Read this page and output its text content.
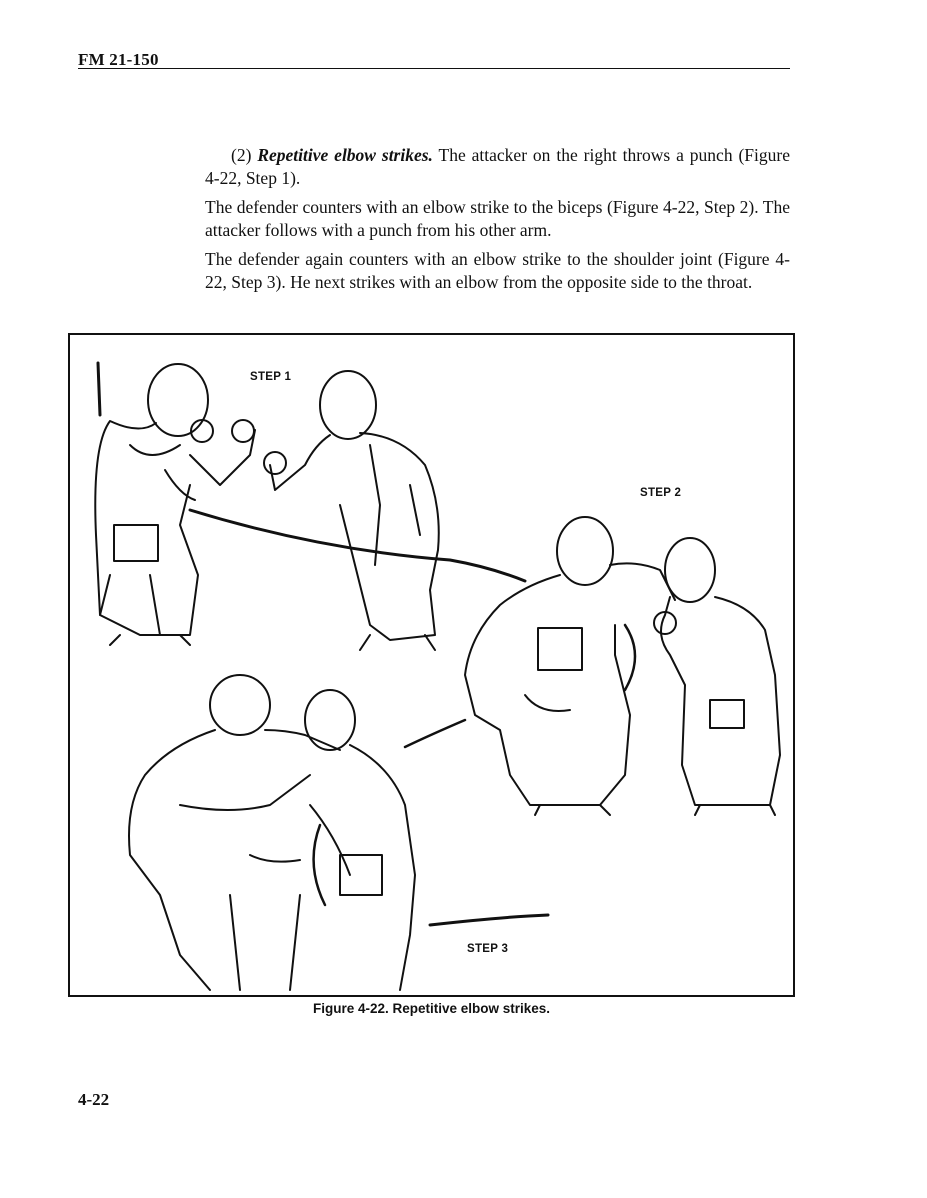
FM 21-150

(2) Repetitive elbow strikes. The attacker on the right throws a punch (Figure 4-22, Step 1).

The defender counters with an elbow strike to the biceps (Figure 4-22, Step 2). The attacker follows with a punch from his other arm.

The defender again counters with an elbow strike to the shoulder joint (Figure 4-22, Step 3). He next strikes with an elbow from the opposite side to the throat.

STEP 1
STEP 2
STEP 3
Figure 4-22. Repetitive elbow strikes.
4-22
